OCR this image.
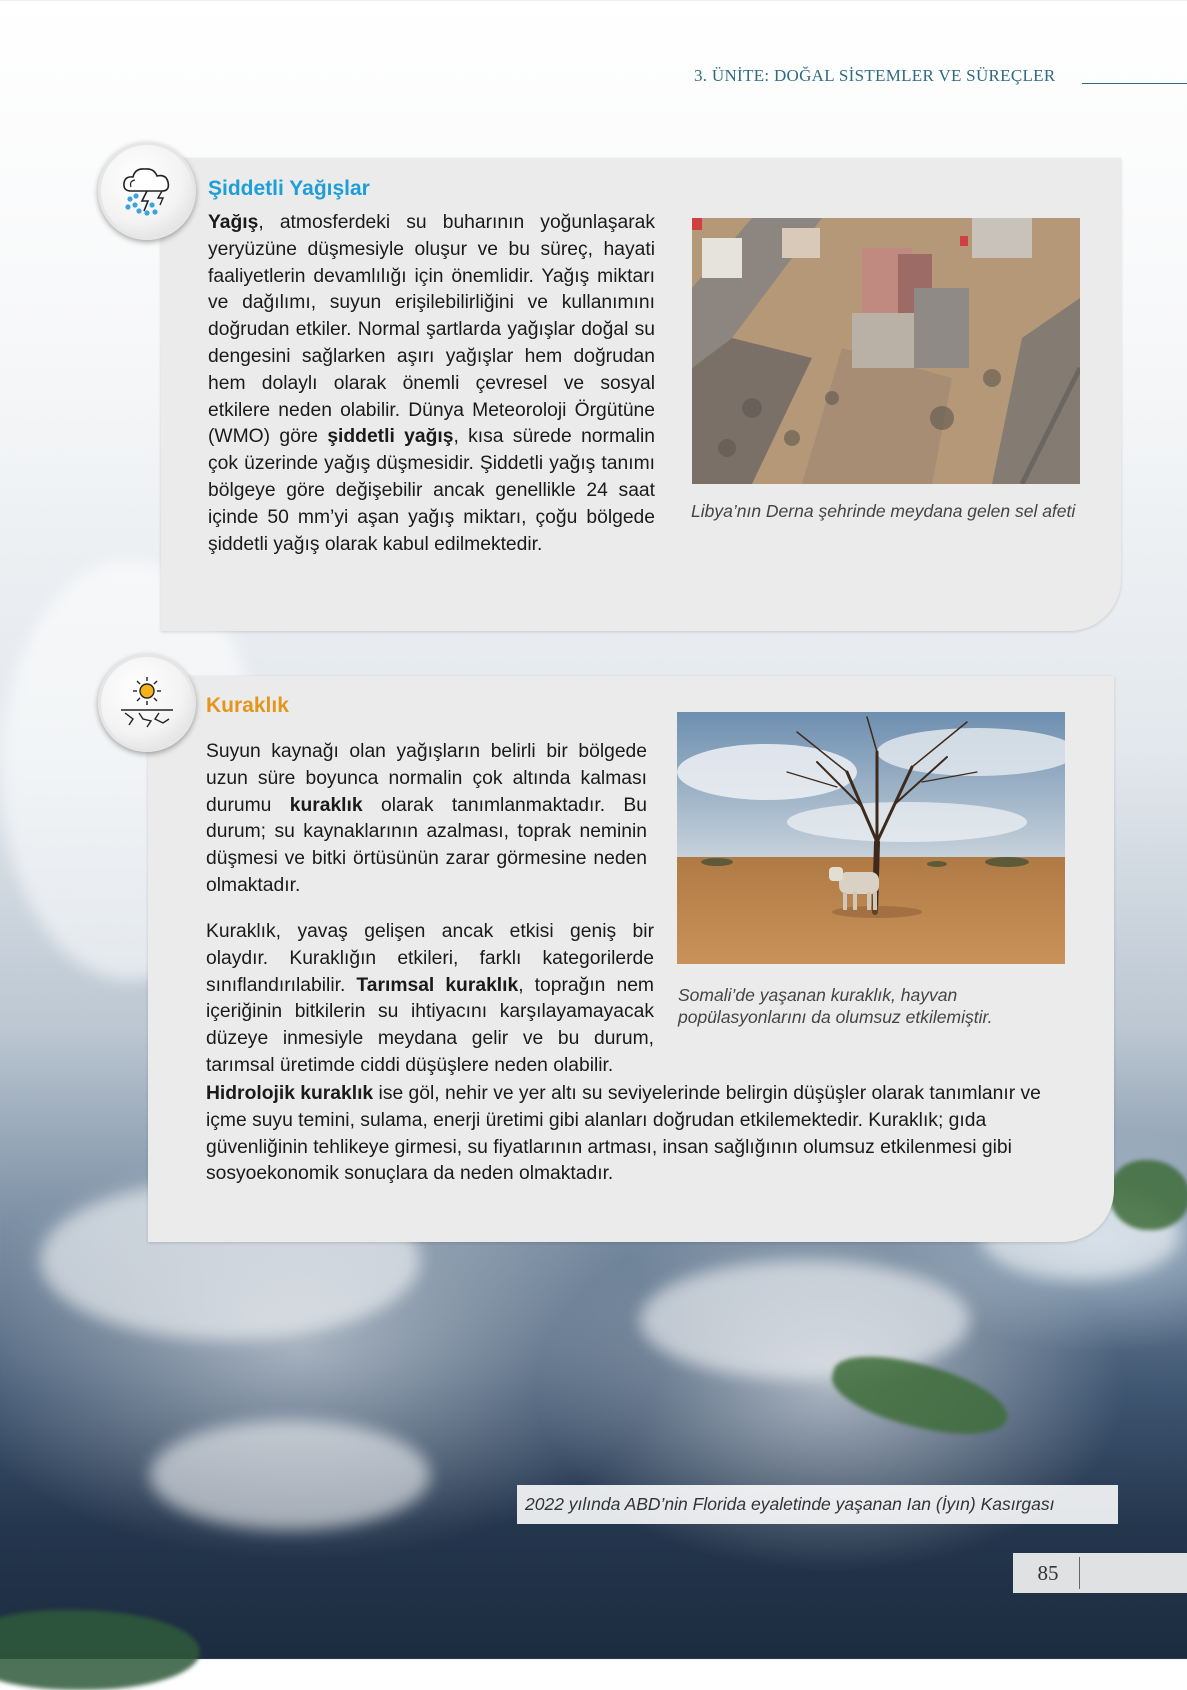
3. ÜNİTE: DOĞAL SİSTEMLER VE SÜREÇLER
Şiddetli Yağışlar

Yağış, atmosferdeki su buharının yoğunlaşarak yeryüzüne düşmesiyle oluşur ve bu süreç, hayati faaliyetlerin devamlılığı için önemlidir. Yağış miktarı ve dağılımı, suyun erişilebilirliğini ve kullanımını doğrudan etkiler. Normal şartlarda yağışlar doğal su dengesini sağlarken aşırı yağışlar hem doğrudan hem dolaylı olarak önemli çevresel ve sosyal etkilere neden olabilir. Dünya Meteoroloji Örgütüne (WMO) göre şiddetli yağış, kısa sürede normalin çok üzerinde yağış düşmesidir. Şiddetli yağış tanımı bölgeye göre değişebilir ancak genellikle 24 saat içinde 50 mm’yi aşan yağış miktarı, çoğu bölgede şiddetli yağış olarak kabul edilmektedir.

Libya’nın Derna şehrinde meydana gelen sel afeti

Kuraklık

Suyun kaynağı olan yağışların belirli bir bölgede uzun süre boyunca normalin çok altında kalması durumu kuraklık olarak tanımlanmaktadır. Bu durum; su kaynaklarının azalması, toprak neminin düşmesi ve bitki örtüsünün zarar görmesine neden olmaktadır.

Kuraklık, yavaş gelişen ancak etkisi geniş bir olaydır. Kuraklığın etkileri, farklı kategorilerde sınıflandırılabilir. Tarımsal kuraklık, toprağın nem içeriğinin bitkilerin su ihtiyacını karşılayamayacak düzeye inmesiyle meydana gelir ve bu durum, tarımsal üretimde ciddi düşüşlere neden olabilir.

Hidrolojik kuraklık ise göl, nehir ve yer altı su seviyelerinde belirgin düşüşler olarak tanımlanır ve içme suyu temini, sulama, enerji üretimi gibi alanları doğrudan etkilemektedir. Kuraklık; gıda güvenliğinin tehlikeye girmesi, su fiyatlarının artması, insan sağlığının olumsuz etkilenmesi gibi sosyoekonomik sonuçlara da neden olmaktadır.

Somali’de yaşanan kuraklık, hayvan popülasyonlarını da olumsuz etkilemiştir.

2022 yılında ABD’nin Florida eyaletinde yaşanan Ian (İyın) Kasırgası
85
